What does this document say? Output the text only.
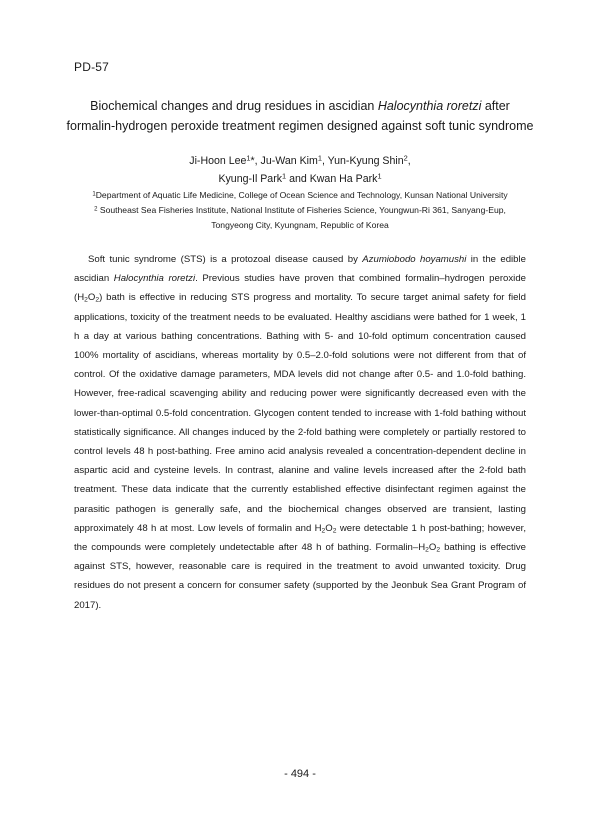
PD-57
Biochemical changes and drug residues in ascidian Halocynthia roretzi after
formalin-hydrogen peroxide treatment regimen designed against soft tunic syndrome
Ji-Hoon Lee$^1$*, Ju-Wan Kim$^1$, Yun-Kyung Shin$^2$,
Kyung-Il Park$^1$ and Kwan Ha Park$^1$
$^1$Department of Aquatic Life Medicine, College of Ocean Science and Technology, Kunsan National University
$^2$ Southeast Sea Fisheries Institute, National Institute of Fisheries Science, Youngwun-Ri 361, Sanyang-Eup,
Tongyeong City, Kyungnam, Republic of Korea

Soft tunic syndrome (STS) is a protozoal disease caused by Azumiobodo hoyamushi in the edible ascidian Halocynthia roretzi. Previous studies have proven that combined formalin–hydrogen peroxide $(H_2O_2)$ bath is effective in reducing STS progress and mortality. To secure target animal safety for field applications, toxicity of the treatment needs to be evaluated. Healthy ascidians were bathed for 1 week, 1 h a day at various bathing concentrations. Bathing with 5- and 10-fold optimum concentration caused 100% mortality of ascidians, whereas mortality by 0.5–2.0-fold solutions were not different from that of control. Of the oxidative damage parameters, MDA levels did not change after 0.5- and 1.0-fold bathing. However, free-radical scavenging ability and reducing power were significantly decreased even with the lower-than-optimal 0.5-fold concentration. Glycogen content tended to increase with 1-fold bathing without statistically significance. All changes induced by the 2-fold bathing were completely or partially restored to control levels 48 h post-bathing. Free amino acid analysis revealed a concentration-dependent decline in aspartic acid and cysteine levels. In contrast, alanine and valine levels increased after the 2-fold bath treatment. These data indicate that the currently established effective disinfectant regimen against the parasitic pathogen is generally safe, and the biochemical changes observed are transient, lasting approximately 48 h at most. Low levels of formalin and $H_2O_2$ were detectable 1 h post-bathing; however, the compounds were completely undetectable after 48 h of bathing. Formalin–$H_2O_2$ bathing is effective against STS, however, reasonable care is required in the treatment to avoid unwanted toxicity. Drug residues do not present a concern for consumer safety (supported by the Jeonbuk Sea Grant Program of 2017).

- 494 -
